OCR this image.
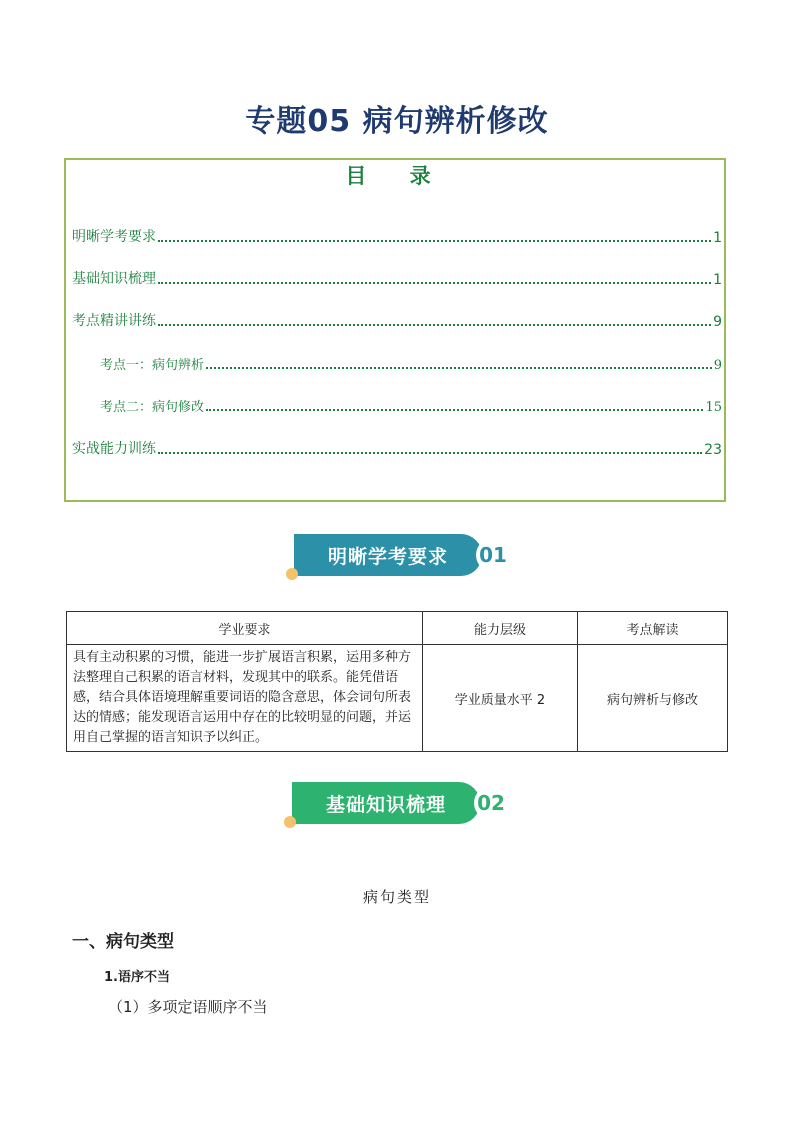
专题05 病句辨析修改
目 录
明晰学考要求	1
基础知识梳理	1
考点精讲讲练	9
考点一：病句辨析	9
考点二：病句修改	15
实战能力训练	23
明晰学考要求	01
学业要求	能力层级	考点解读
具有主动积累的习惯，能进一步扩展语言积累，运用多种方法整理自己积累的语言材料，发现其中的联系。能凭借语感，结合具体语境理解重要词语的隐含意思，体会词句所表达的情感；能发现语言运用中存在的比较明显的问题，并运用自己掌握的语言知识予以纠正。	学业质量水平 2	病句辨析与修改
基础知识梳理	02
病句类型
一、病句类型
1.语序不当
（1）多项定语顺序不当
